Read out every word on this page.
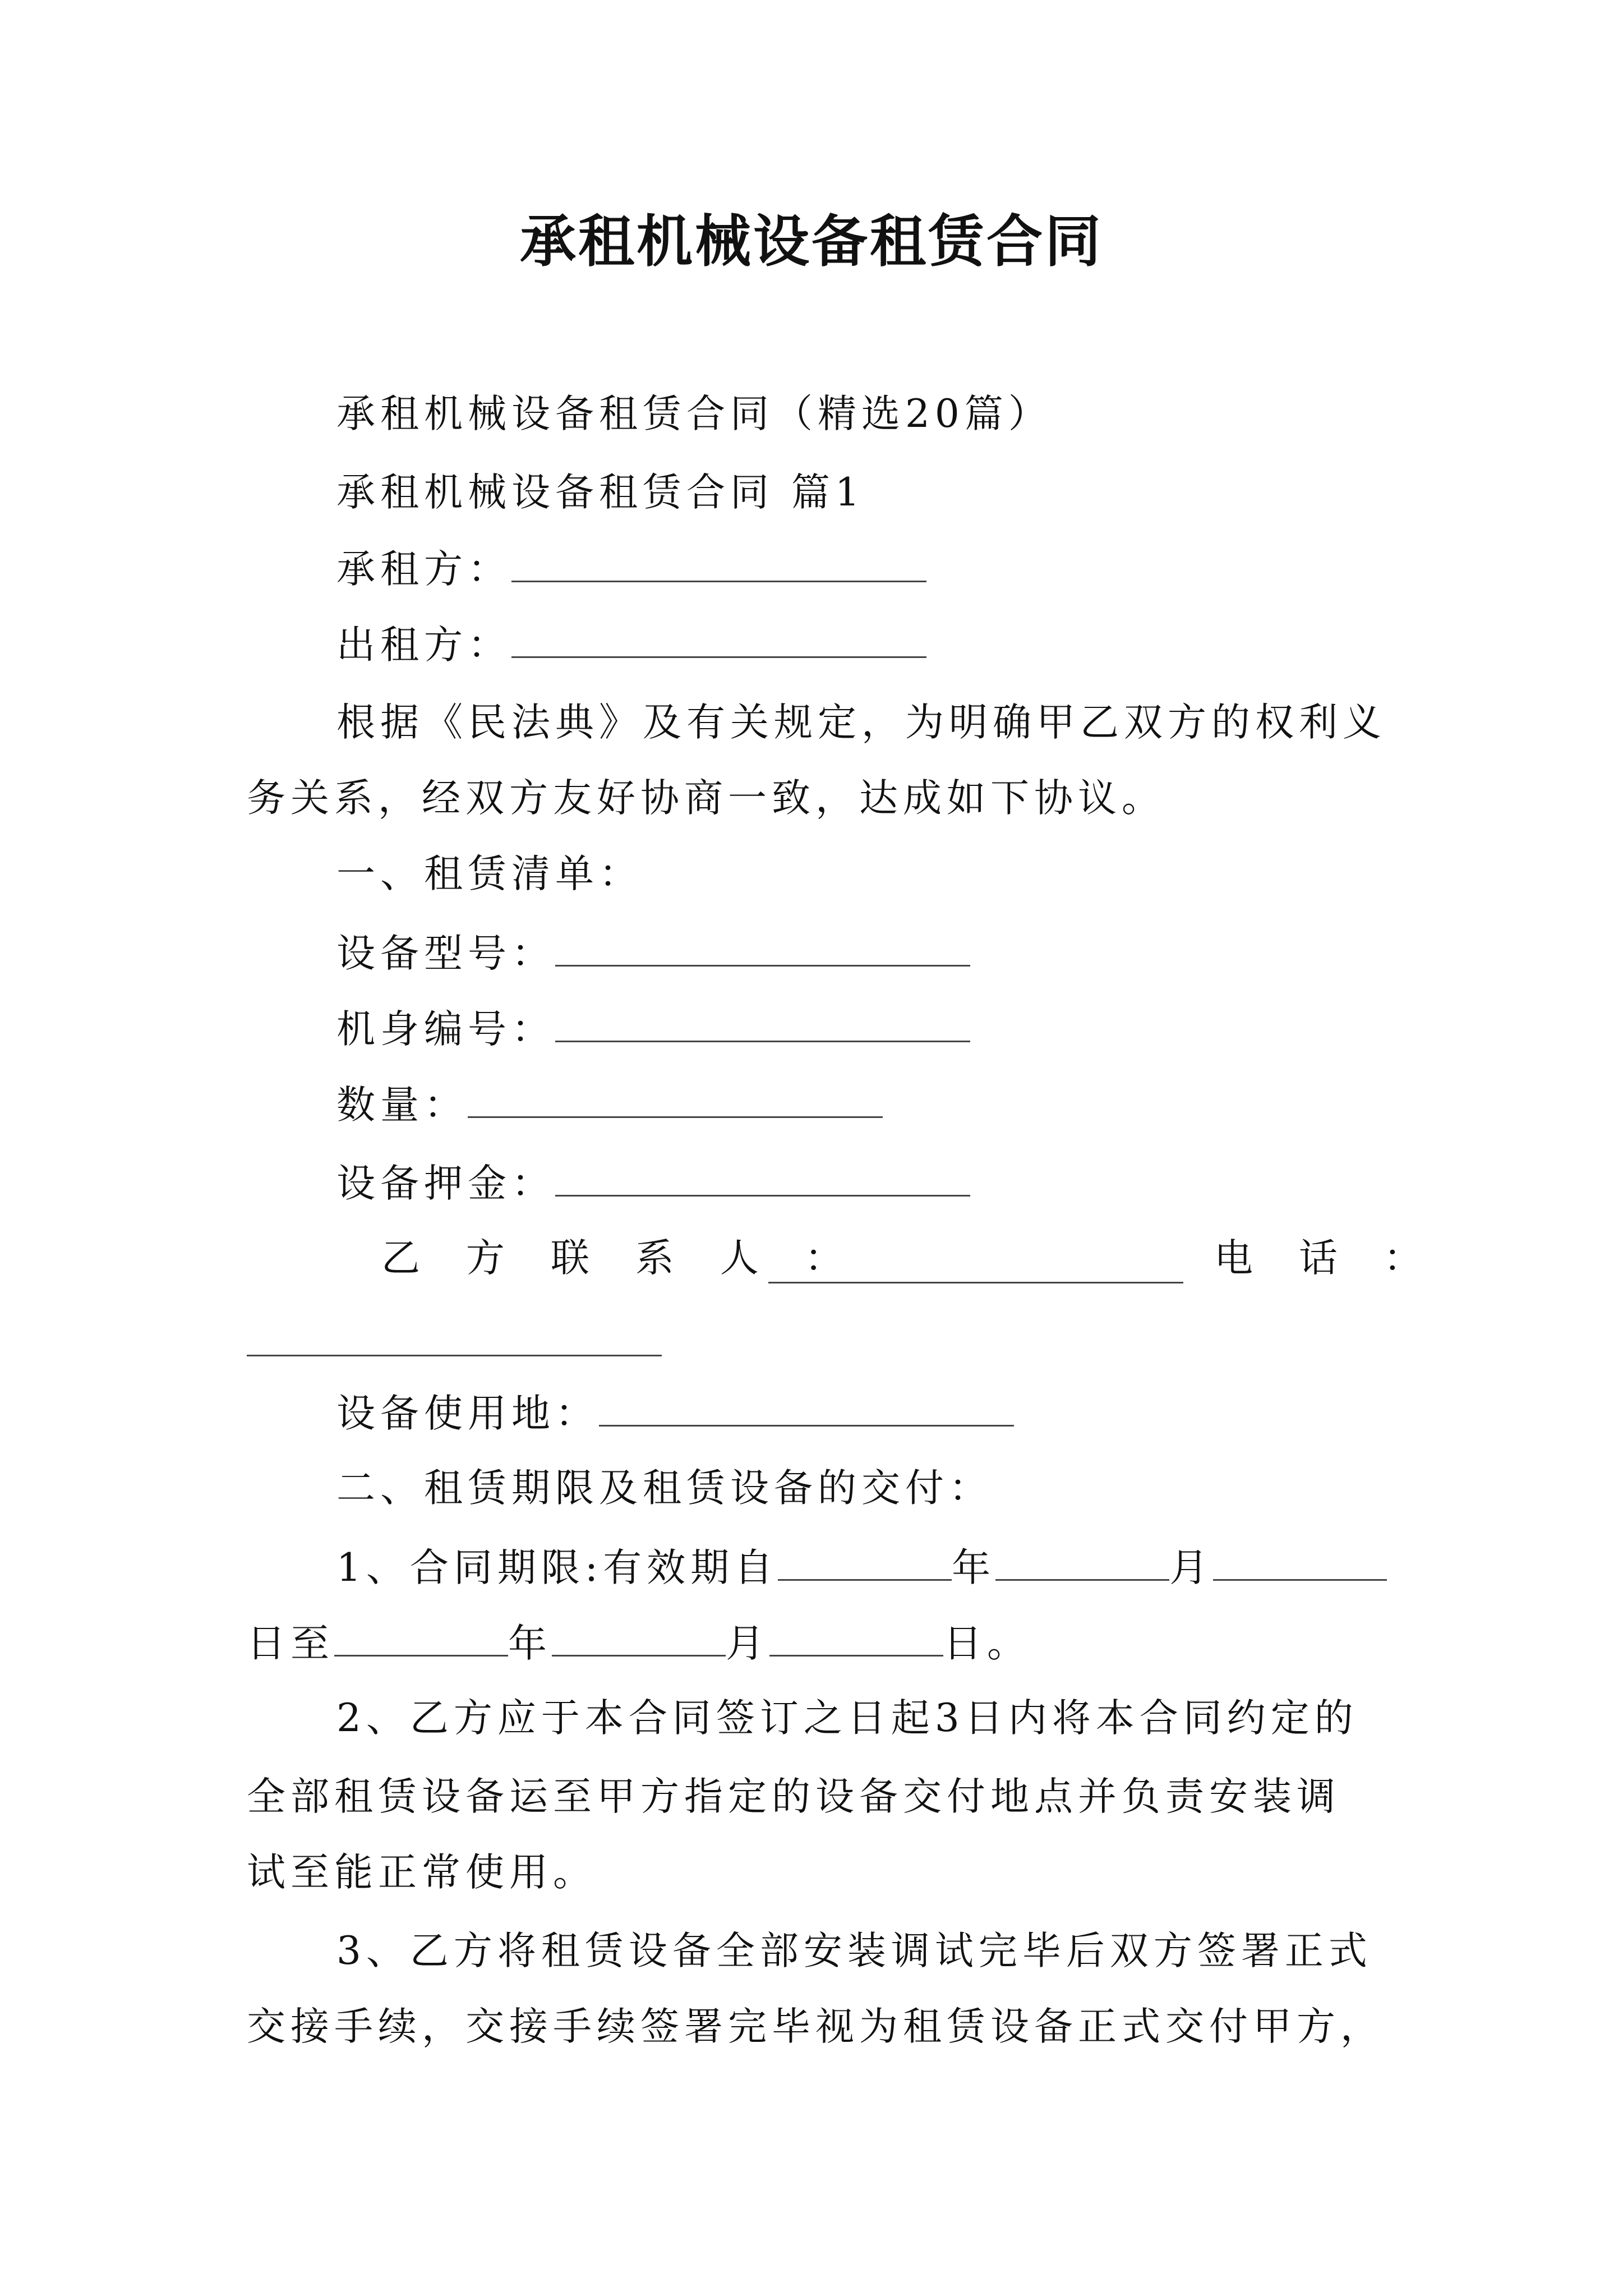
承租机械设备租赁合同
承租机械设备租赁合同（精选20篇）
承租机械设备租赁合同 篇1
承租方：
出租方：
根据《民法典》及有关规定，为明确甲乙双方的权利义
务关系，经双方友好协商一致，达成如下协议。
一、租赁清单：
设备型号：
机身编号：
数量：
设备押金：
乙 方 联 系 人 ：	电 话 ：
设备使用地：
二、租赁期限及租赁设备的交付：
1、合同期限:有效期自	年	月
日至	年	月	日。
2、乙方应于本合同签订之日起3日内将本合同约定的
全部租赁设备运至甲方指定的设备交付地点并负责安装调
试至能正常使用。
3、乙方将租赁设备全部安装调试完毕后双方签署正式
交接手续，交接手续签署完毕视为租赁设备正式交付甲方，
